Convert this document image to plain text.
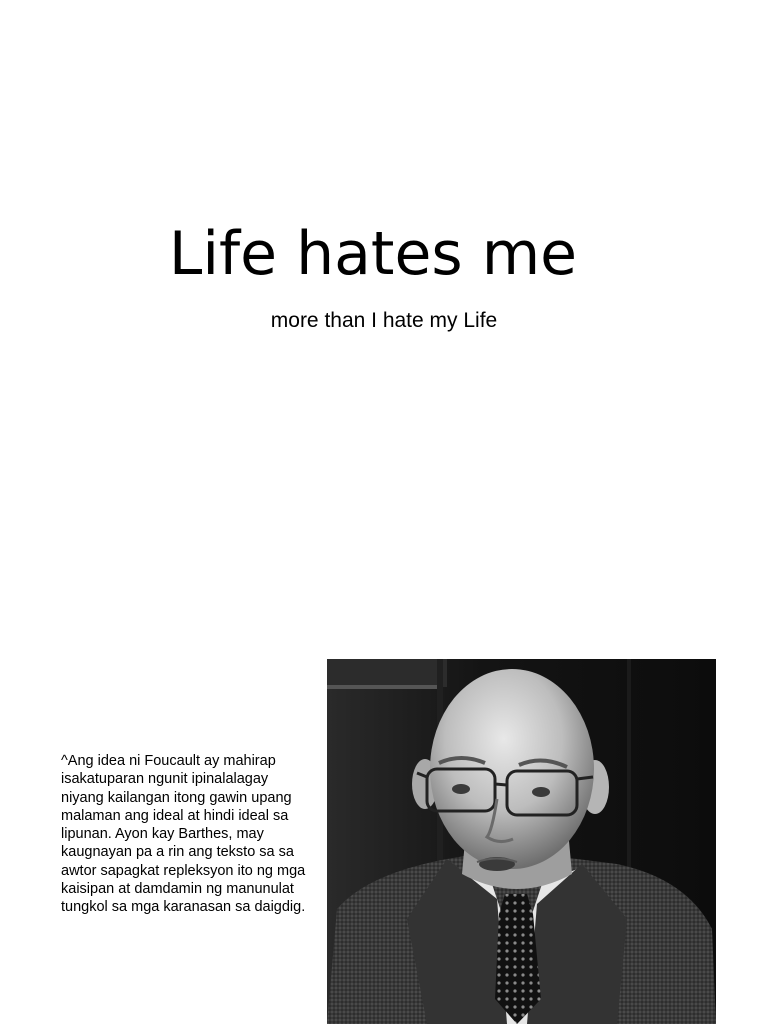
Life hates me

more than I hate my Life

^Ang idea ni Foucault ay mahirap isakatuparan ngunit ipinalalagay niyang kailangan itong gawin upang malaman ang ideal at hindi ideal sa lipunan. Ayon kay Barthes, may kaugnayan pa a rin ang teksto sa sa awtor sapagkat repleksyon ito ng mga kaisipan at damdamin ng manunulat tungkol sa mga karanasan sa daigdig.
